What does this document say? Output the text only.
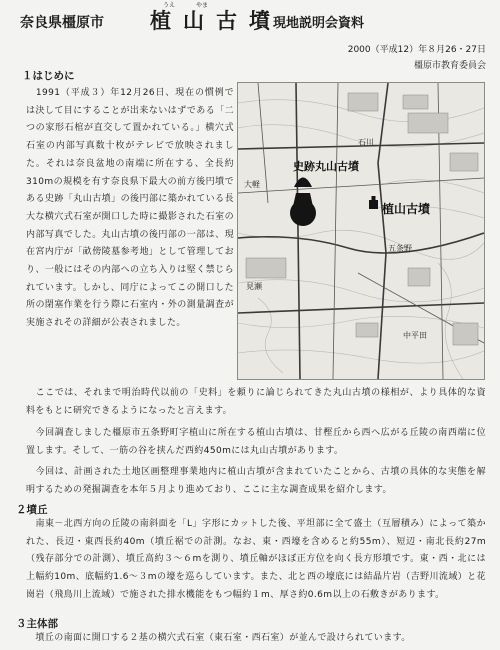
奈良県橿原市 植山古墳
うえ	やま
現地説明会資料
2000（平成12）年８月26・27日
橿原市教育委員会
１はじめに
　1991（平成３）年12月26日、現在の慣例では決して目にすることが出来ないはずである「二つの家形石棺が直交して置かれている。」横穴式石室の内部写真数十枚がテレビで放映されました。それは奈良盆地の南端に所在する、全長約310mの規模を有す奈良県下最大の前方後円墳である史跡「丸山古墳」の後円部に築かれている長大な横穴式石室が開口した時に撮影された石室の内部写真でした。丸山古墳の後円部の一部は、現在宮内庁が「畝傍陵墓参考地」として管理しており、一般にはその内部への立ち入りは堅く禁じられています。しかし、同庁によってこの開口した所の閉塞作業を行う際に石室内・外の測量調査が実施されその詳細が公表されました。
　ここでは、それまで明治時代以前の「史料」を頼りに論じられてきた丸山古墳の様相が、より具体的な資料をもとに研究できるようになったと言えます。
　今回調査しました橿原市五条野町字植山に所在する植山古墳は、甘樫丘から西へ広がる丘陵の南西端に位置します。そして、一筋の谷を挟んだ西約450mには丸山古墳があります。
　今回は、計画された土地区画整理事業地内に植山古墳が含まれていたことから、古墳の具体的な実態を解明するための発掘調査を本年５月より進めており、ここに主な調査成果を紹介します。
史跡丸山古墳
植山古墳
石川
五条野
大軽
見瀬
中平田
２墳丘
　南東－北西方向の丘陵の南斜面を「L」字形にカットした後、平坦部に全て盛土（互層積み）によって築かれた、長辺・東西長約40m（墳丘裾での計測。なお、東・西壕を含めると約55m）、短辺・南北長約27m（残存部分での計測）、墳丘高約３～６mを測り、墳丘軸がほぼ正方位を向く長方形墳です。東・西・北には上幅約10m、底幅約1.6～３mの壕を巡らしています。また、北と西の壕底には結晶片岩（吉野川流域）と花崗岩（飛鳥川上流域）で施された排水機能をもつ幅約１m、厚さ約0.6m以上の石敷きがあります。
３主体部
　墳丘の南面に開口する２基の横穴式石室（東石室・西石室）が並んで設けられています。
